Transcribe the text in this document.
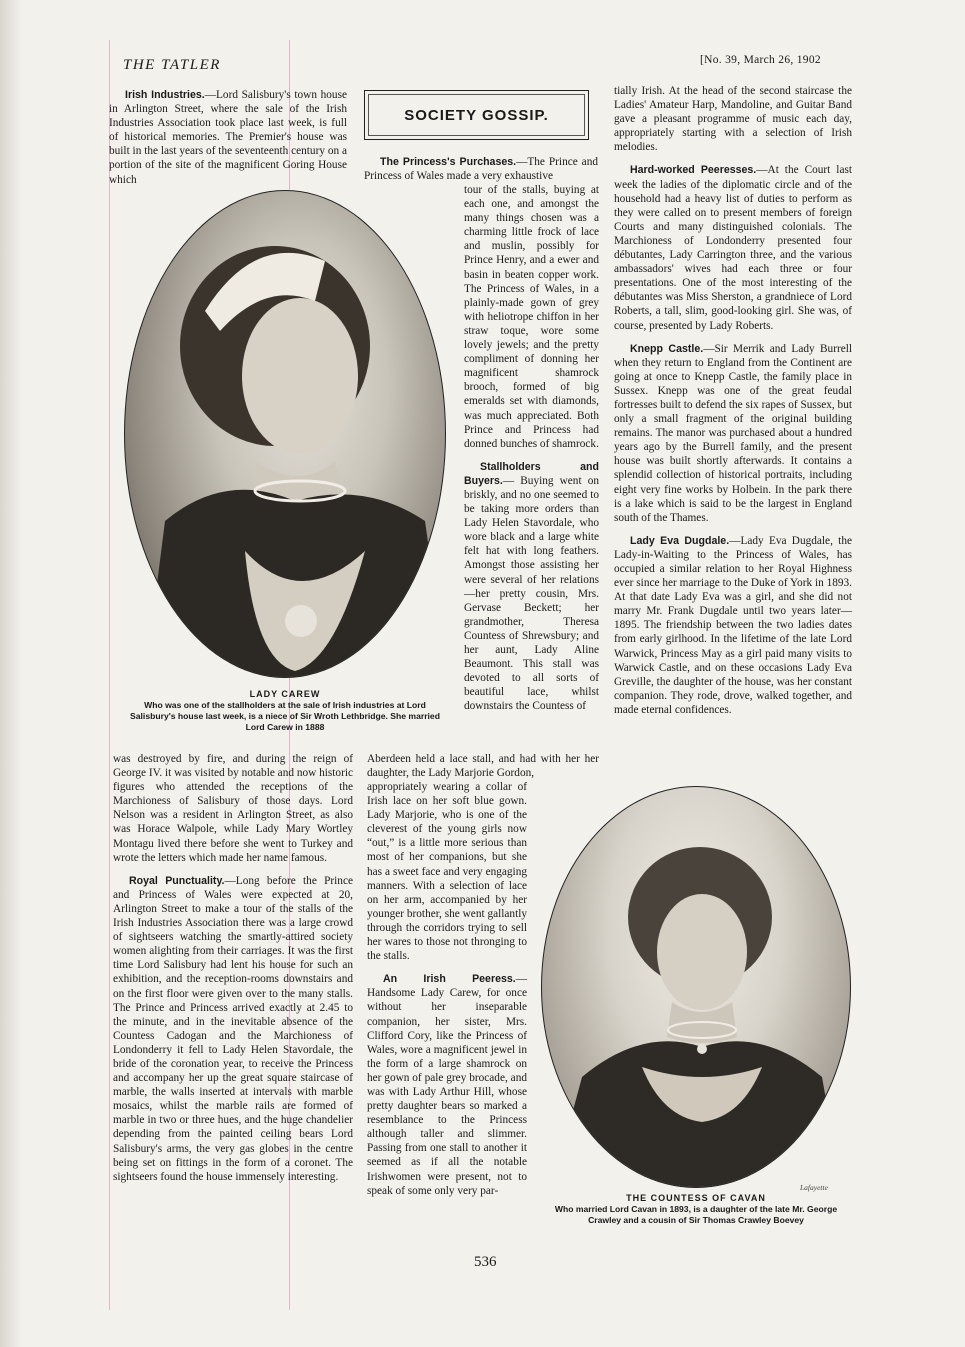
THE TATLER	[No. 39, March 26, 1902
SOCIETY GOSSIP.

Irish Industries.—Lord Salisbury's town house in Arlington Street, where the sale of the Irish Industries Association took place last week, is full of historical memories. The Premier's house was built in the last years of the seventeenth century on a portion of the site of the magnificent Goring House which

LADY CAREW
Who was one of the stallholders at the sale of Irish industries at Lord Salisbury's house last week, is a niece of Sir Wroth Lethbridge. She married Lord Carew in 1888

was destroyed by fire, and during the reign of George IV. it was visited by notable and now historic figures who attended the receptions of the Marchioness of Salisbury of those days. Lord Nelson was a resident in Arlington Street, as also was Horace Walpole, while Lady Mary Wortley Montagu lived there before she went to Turkey and wrote the letters which made her name famous.

Royal Punctuality.—Long before the Prince and Princess of Wales were expected at 20, Arlington Street to make a tour of the stalls of the Irish Industries Association there was a large crowd of sightseers watching the smartly-attired society women alighting from their carriages. It was the first time Lord Salisbury had lent his house for such an exhibition, and the reception-rooms downstairs and on the first floor were given over to the many stalls. The Prince and Princess arrived exactly at 2.45 to the minute, and in the inevitable absence of the Countess Cadogan and the Marchioness of Londonderry it fell to Lady Helen Stavordale, the bride of the coronation year, to receive the Princess and accompany her up the great square staircase of marble, the walls inserted at intervals with marble mosaics, whilst the marble rails are formed of marble in two or three hues, and the huge chandelier depending from the painted ceiling bears Lord Salisbury's arms, the very gas globes in the centre being set on fittings in the form of a coronet. The sightseers found the house immensely interesting.

The Princess's Purchases.—The Prince and Princess of Wales made a very exhaustive

tour of the stalls, buying at each one, and amongst the many things chosen was a charming little frock of lace and muslin, possibly for Prince Henry, and a ewer and basin in beaten copper work. The Princess of Wales, in a plainly-made gown of grey with heliotrope chiffon in her straw toque, wore some lovely jewels; and the pretty compliment of donning her magnificent shamrock brooch, formed of big emeralds set with diamonds, was much appreciated. Both Prince and Princess had donned bunches of shamrock.

Stallholders and Buyers.— Buying went on briskly, and no one seemed to be taking more orders than Lady Helen Stavordale, who wore black and a large white felt hat with long feathers. Amongst those assisting her were several of her relations—her pretty cousin, Mrs. Gervase Beckett; her grandmother, Theresa Countess of Shrewsbury; and her aunt, Lady Aline Beaumont. This stall was devoted to all sorts of beautiful lace, whilst downstairs the Countess of

Aberdeen held a lace stall, and had with her her daughter, the Lady Marjorie Gordon,

appropriately wearing a collar of Irish lace on her soft blue gown. Lady Marjorie, who is one of the cleverest of the young girls now “out,” is a little more serious than most of her companions, but she has a sweet face and very engaging manners. With a selection of lace on her arm, accompanied by her younger brother, she went gallantly through the corridors trying to sell her wares to those not thronging to the stalls.

An Irish Peeress.—Handsome Lady Carew, for once without her inseparable companion, her sister, Mrs. Clifford Cory, like the Princess of Wales, wore a magnificent jewel in the form of a large shamrock on her gown of pale grey brocade, and was with Lady Arthur Hill, whose pretty daughter bears so marked a resemblance to the Princess although taller and slimmer. Passing from one stall to another it seemed as if all the notable Irishwomen were present, not to speak of some only very par-

tially Irish. At the head of the second staircase the Ladies' Amateur Harp, Mandoline, and Guitar Band gave a pleasant programme of music each day, appropriately starting with a selection of Irish melodies.

Hard-worked Peeresses.—At the Court last week the ladies of the diplomatic circle and of the household had a heavy list of duties to perform as they were called on to present members of foreign Courts and many distinguished colonials. The Marchioness of Londonderry presented four débutantes, Lady Carrington three, and the various ambassadors' wives had each three or four presentations. One of the most interesting of the débutantes was Miss Sherston, a grandniece of Lord Roberts, a tall, slim, good-looking girl. She was, of course, presented by Lady Roberts.

Knepp Castle.—Sir Merrik and Lady Burrell when they return to England from the Continent are going at once to Knepp Castle, the family place in Sussex. Knepp was one of the great feudal fortresses built to defend the six rapes of Sussex, but only a small fragment of the original building remains. The manor was purchased about a hundred years ago by the Burrell family, and the present house was built shortly afterwards. It contains a splendid collection of historical portraits, including eight very fine works by Holbein. In the park there is a lake which is said to be the largest in England south of the Thames.

Lady Eva Dugdale.—Lady Eva Dugdale, the Lady-in-Waiting to the Princess of Wales, has occupied a similar relation to her Royal Highness ever since her marriage to the Duke of York in 1893. At that date Lady Eva was a girl, and she did not marry Mr. Frank Dugdale until two years later—1895. The friendship between the two ladies dates from early girlhood. In the lifetime of the late Lord Warwick, Princess May as a girl paid many visits to Warwick Castle, and on these occasions Lady Eva Greville, the daughter of the house, was her constant companion. They rode, drove, walked together, and made eternal confidences.

Lafayette
THE COUNTESS OF CAVAN
Who married Lord Cavan in 1893, is a daughter of the late Mr. George Crawley and a cousin of Sir Thomas Crawley Boevey
536
